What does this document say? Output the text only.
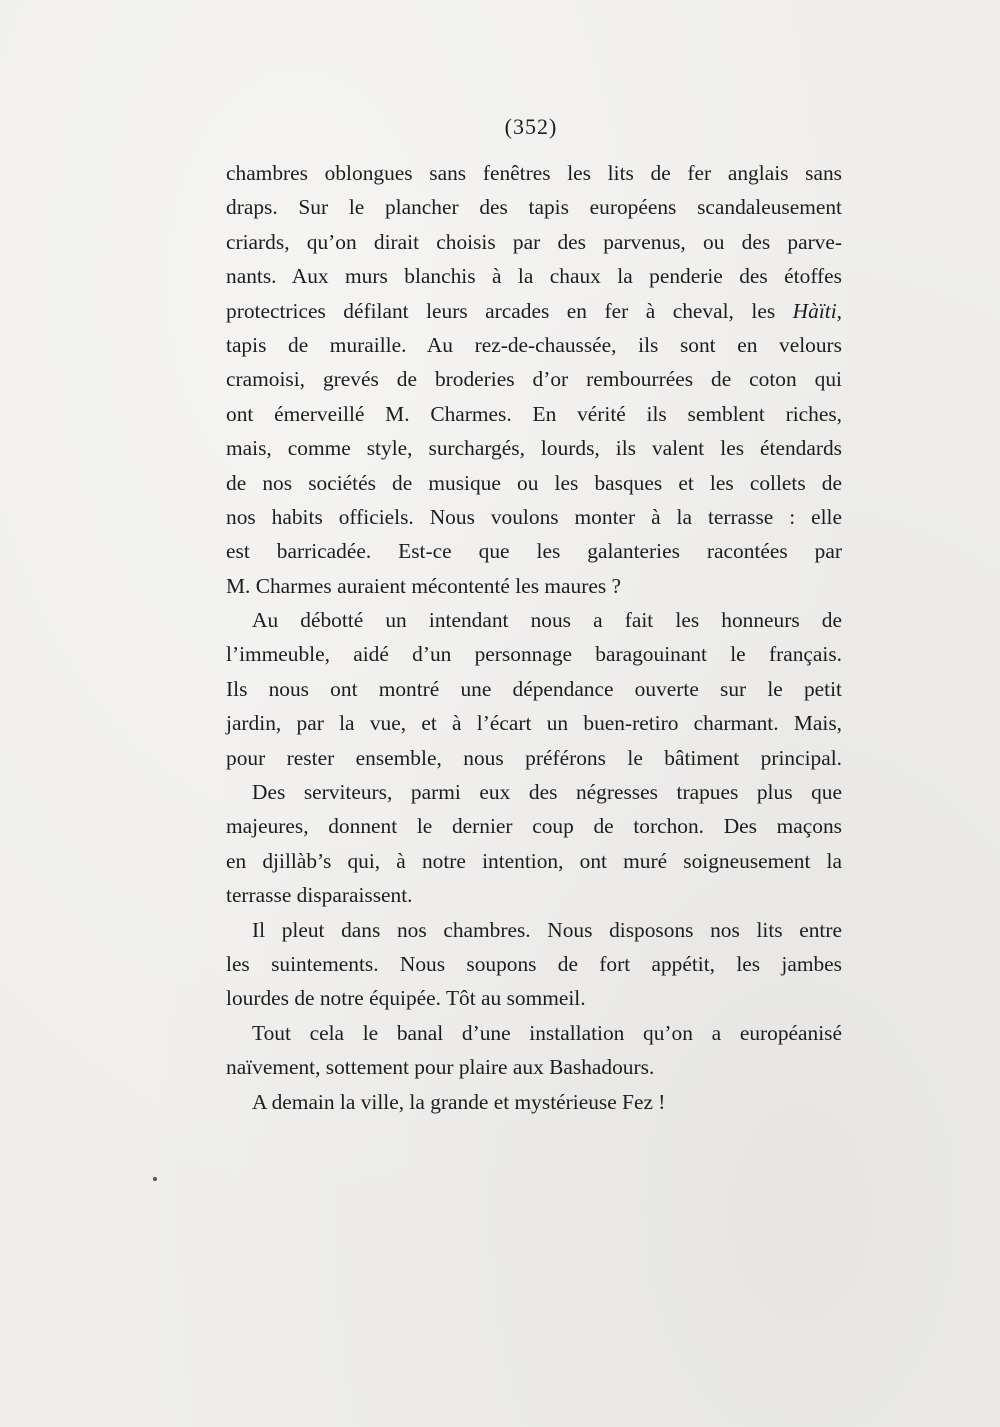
(352)
chambres oblongues sans fenêtres les lits de fer anglais sans
draps. Sur le plancher des tapis européens scandaleusement
criards, qu’on dirait choisis par des parvenus, ou des parve-
nants. Aux murs blanchis à la chaux la penderie des étoffes
protectrices défilant leurs arcades en fer à cheval, les Hàïti,
tapis de muraille. Au rez-de-chaussée, ils sont en velours
cramoisi, grevés de broderies d’or rembourrées de coton qui
ont émerveillé M. Charmes. En vérité ils semblent riches,
mais, comme style, surchargés, lourds, ils valent les étendards
de nos sociétés de musique ou les basques et les collets de
nos habits officiels. Nous voulons monter à la terrasse : elle
est barricadée. Est-ce que les galanteries racontées par
M. Charmes auraient mécontenté les maures ?
Au débotté un intendant nous a fait les honneurs de
l’immeuble, aidé d’un personnage baragouinant le français.
Ils nous ont montré une dépendance ouverte sur le petit
jardin, par la vue, et à l’écart un buen-retiro charmant. Mais,
pour rester ensemble, nous préférons le bâtiment principal.
Des serviteurs, parmi eux des négresses trapues plus que
majeures, donnent le dernier coup de torchon. Des maçons
en djillàb’s qui, à notre intention, ont muré soigneusement la
terrasse disparaissent.
Il pleut dans nos chambres. Nous disposons nos lits entre
les suintements. Nous soupons de fort appétit, les jambes
lourdes de notre équipée. Tôt au sommeil.
Tout cela le banal d’une installation qu’on a européanisé
naïvement, sottement pour plaire aux Bashadours.
A demain la ville, la grande et mystérieuse Fez !
